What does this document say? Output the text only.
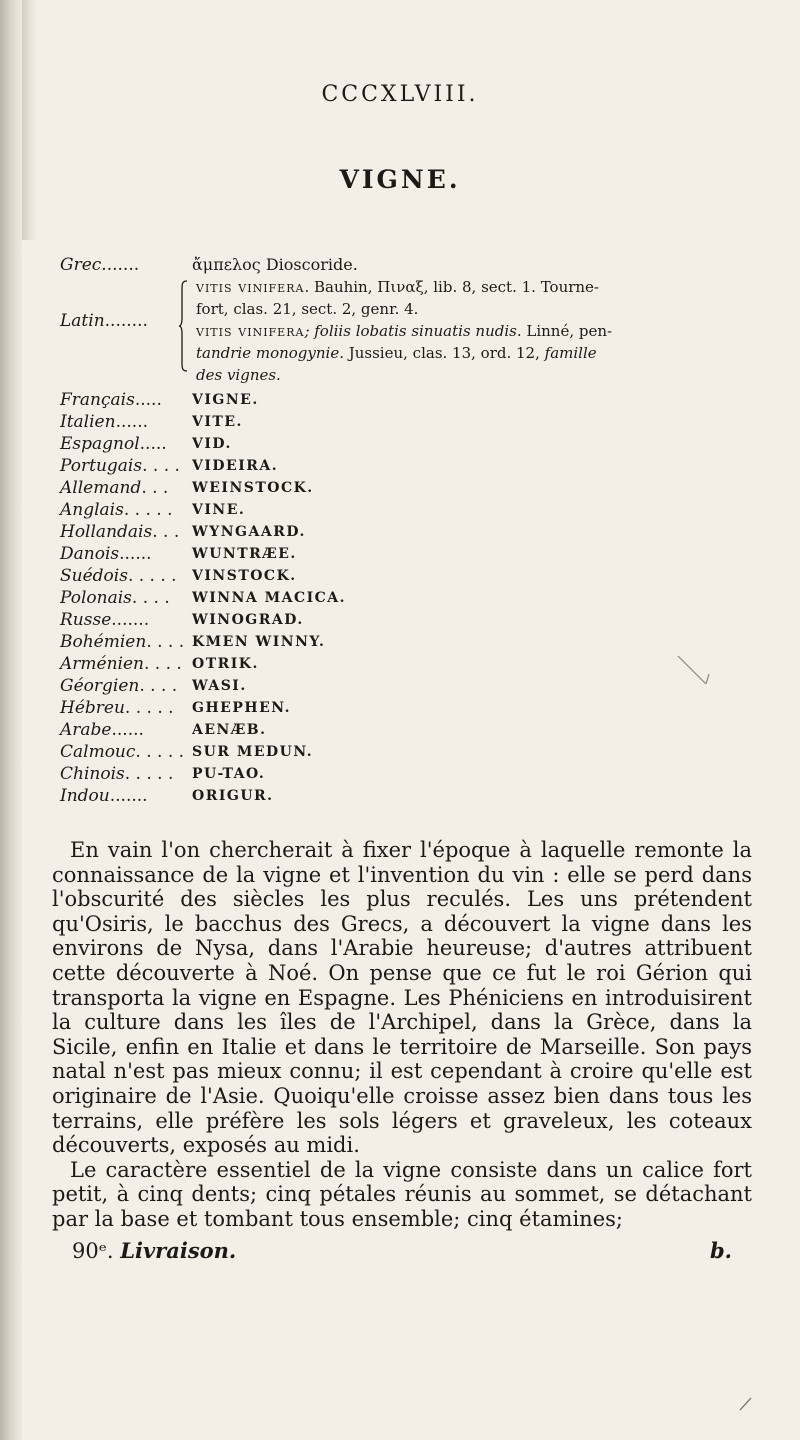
CCCXLVIII.
VIGNE.
Grec.......	ἄμπελος Dioscoride.
Latin........
vitis vinifera. Bauhin, Πιναξ, lib. 8, sect. 1. Tourne-
fort, clas. 21, sect. 2, genr. 4.
vitis vinifera; foliis lobatis sinuatis nudis. Linné, pen-
tandrie monogynie. Jussieu, clas. 13, ord. 12, famille
des vignes.
Français.....	VIGNE.
Italien......	VITE.
Espagnol.....	VID.
Portugais. . . . VIDEIRA.
Allemand. . .	WEINSTOCK.
Anglais. . . . .	VINE.
Hollandais. . . WYNGAARD.
Danois......	WUNTRÆE.
Suédois. . . . .	VINSTOCK.
Polonais. . . .	WINNA MACICA.
Russe.......	WINOGRAD.
Bohémien. . . . KMEN WINNY.
Arménien. . . . OTRIK.
Géorgien. . . .	WASI.
Hébreu. . . . .	GHEPHEN.
Arabe......	AENÆB.
Calmouc. . . . . SUR MEDUN.
Chinois. . . . .	PU-TAO.
Indou.......	ORIGUR.

En vain l'on chercherait à fixer l'époque à laquelle remonte la connaissance de la vigne et l'invention du vin : elle se perd dans l'obscurité des siècles les plus reculés. Les uns prétendent qu'Osiris, le bacchus des Grecs, a découvert la vigne dans les environs de Nysa, dans l'Arabie heureuse; d'autres attribuent cette découverte à Noé. On pense que ce fut le roi Gérion qui transporta la vigne en Espagne. Les Phéniciens en introduisirent la culture dans les îles de l'Archipel, dans la Grèce, dans la Sicile, enfin en Italie et dans le territoire de Marseille. Son pays natal n'est pas mieux connu; il est cependant à croire qu'elle est originaire de l'Asie. Quoiqu'elle croisse assez bien dans tous les terrains, elle préfère les sols légers et graveleux, les coteaux découverts, exposés au midi.

Le caractère essentiel de la vigne consiste dans un calice fort petit, à cinq dents; cinq pétales réunis au sommet, se détachant par la base et tombant tous ensemble; cinq étamines;

90ᵉ. Livraison.	b.
